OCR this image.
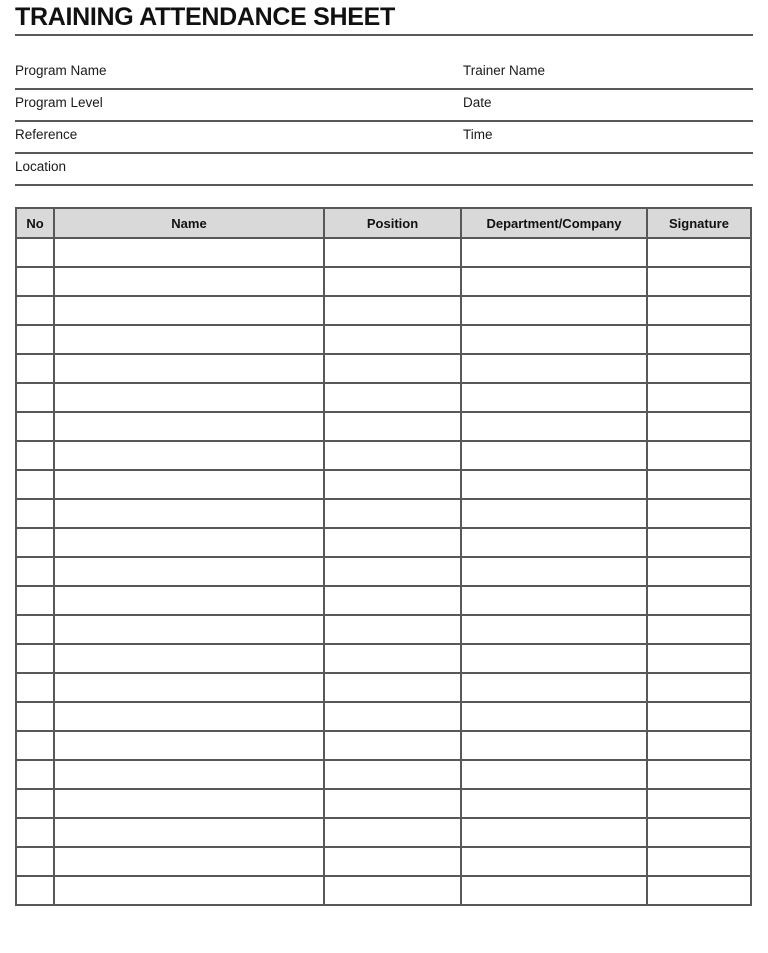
TRAINING ATTENDANCE SHEET
Program Name	Trainer Name
Program Level	Date
Reference	Time
Location
No	Name	Position	Department/Company	Signature
